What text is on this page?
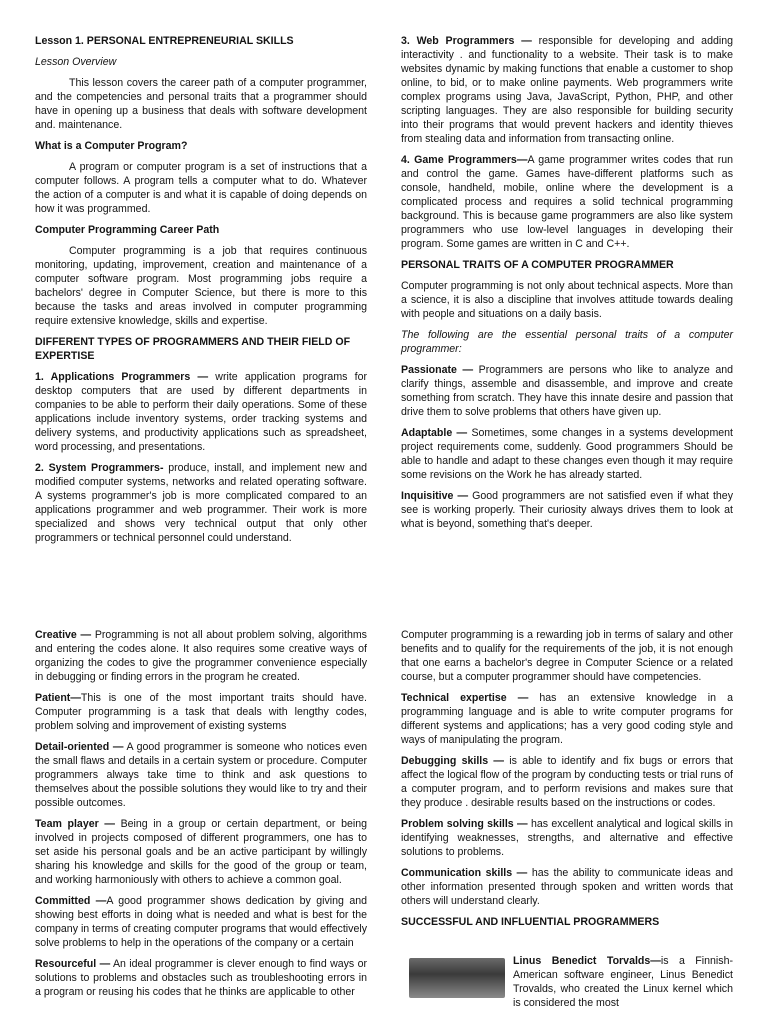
Lesson 1. PERSONAL ENTREPRENEURIAL SKILLS

Lesson Overview

This lesson covers the career path of a computer programmer, and the competencies and personal traits that a programmer should have in opening up a business that deals with software development and. maintenance.

What is a Computer Program?

A program or computer program is a set of instructions that a computer follows. A program tells a computer what to do. Whatever the action of a computer is and what it is capable of doing depends on how it was programmed.

Computer Programming Career Path

Computer programming is a job that requires continuous monitoring, updating, improvement, creation and maintenance of a computer software program. Most programming jobs require a bachelors' degree in Computer Science, but there is more to this because the tasks and areas involved in computer programming require extensive knowledge, skills and expertise.

DIFFERENT TYPES OF PROGRAMMERS AND THEIR FIELD OF EXPERTISE

1. Applications Programmers — write application programs for desktop computers that are used by different departments in companies to be able to perform their daily operations. Some of these applications include inventory systems, order tracking systems and delivery systems, and productivity applications such as spreadsheet, word processing, and presentations.

2. System Programmers- produce, install, and implement new and modified computer systems, networks and related operating software. A systems programmer's job is more complicated compared to an applications programmer and web programmer. Their work is more specialized and shows very technical output that only other programmers or technical personnel could understand.

3. Web Programmers — responsible for developing and adding interactivity . and functionality to a website. Their task is to make websites dynamic by making functions that enable a customer to shop online, to bid, or to make online payments. Web programmers write complex programs using Java, JavaScript, Python, PHP, and other scripting languages. They are also responsible for building security into their programs that would prevent hackers and identity thieves from stealing data and information from transacting online.

4. Game Programmers—A game programmer writes codes that run and control the game. Games have-different platforms such as console, handheld, mobile, online where the development is a complicated process and requires a solid technical programming background. This is because game programmers are also like system programmers who use low-level languages in developing their program. Some games are written in C and C++.

PERSONAL TRAITS OF A COMPUTER PROGRAMMER

Computer programming is not only about technical aspects. More than a science, it is also a discipline that involves attitude towards dealing with people and situations on a daily basis.

The following are the essential personal traits of a computer programmer:

Passionate — Programmers are persons who like to analyze and clarify things, assemble and disassemble, and improve and create something from scratch. They have this innate desire and passion that drive them to solve problems that others have given up.

Adaptable — Sometimes, some changes in a systems development project requirements come, suddenly. Good programmers Should be able to handle and adapt to these changes even though it may require some revisions on the Work he has already started.

Inquisitive — Good programmers are not satisfied even if what they see is working properly. Their curiosity always drives them to look at what is beyond, something that's deeper.

Creative — Programming is not all about problem solving, algorithms and entering the codes alone. It also requires some creative ways of organizing the codes to give the programmer convenience especially in debugging or finding errors in the program he created.

Patient—This is one of the most important traits should have. Computer programming is a task that deals with lengthy codes, problem solving and improvement of existing systems

Detail-oriented — A good programmer is someone who notices even the small flaws and details in a certain system or procedure. Computer programmers always take time to think and ask questions to themselves about the possible solutions they would like to try and their possible outcomes.

Team player — Being in a group or certain department, or being involved in projects composed of different programmers, one has to set aside his personal goals and be an active participant by willingly sharing his knowledge and skills for the good of the group or team, and working harmoniously with others to achieve a common goal.

Committed —A good programmer shows dedication by giving and showing best efforts in doing what is needed and what is best for the company in terms of creating computer programs that would effectively solve problems to help in the operations of the company or a certain

Resourceful — An ideal programmer is clever enough to find ways or solutions to problems and obstacles such as troubleshooting errors in a program or reusing his codes that he thinks are applicable to other

Computer programming is a rewarding job in terms of salary and other benefits and to qualify for the requirements of the job, it is not enough that one earns a bachelor's degree in Computer Science or a related course, but a computer programmer should have competencies.

Technical expertise — has an extensive knowledge in a programming language and is able to write computer programs for different systems and applications; has a very good coding style and ways of manipulating the program.

Debugging skills — is able to identify and fix bugs or errors that affect the logical flow of the program by conducting tests or trial runs of a computer program, and to perform revisions and makes sure that they produce . desirable results based on the instructions or codes.

Problem solving skills — has excellent analytical and logical skills in identifying weaknesses, strengths, and alternative and effective solutions to problems.

Communication skills — has the ability to communicate ideas and other information presented through spoken and written words that others will understand clearly.

SUCCESSFUL AND INFLUENTIAL PROGRAMMERS

Linus Benedict Torvalds—
is a Finnish-American software engineer, Linus Benedict Trovalds, who created the Linux kernel which is considered the most
